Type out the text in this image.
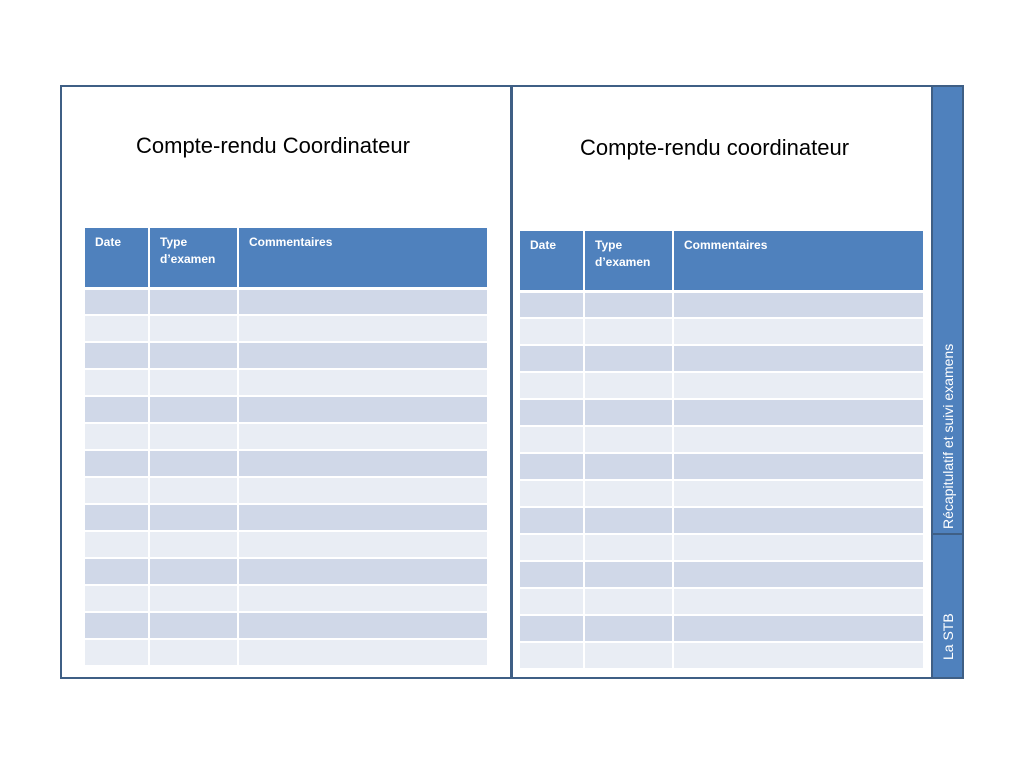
Récapitulatif et suivi examens
La STB
Compte-rendu Coordinateur	Compte-rendu coordinateur
Date	Type d’examen	Commentaires

			Date	Type d’examen	Commentaires
